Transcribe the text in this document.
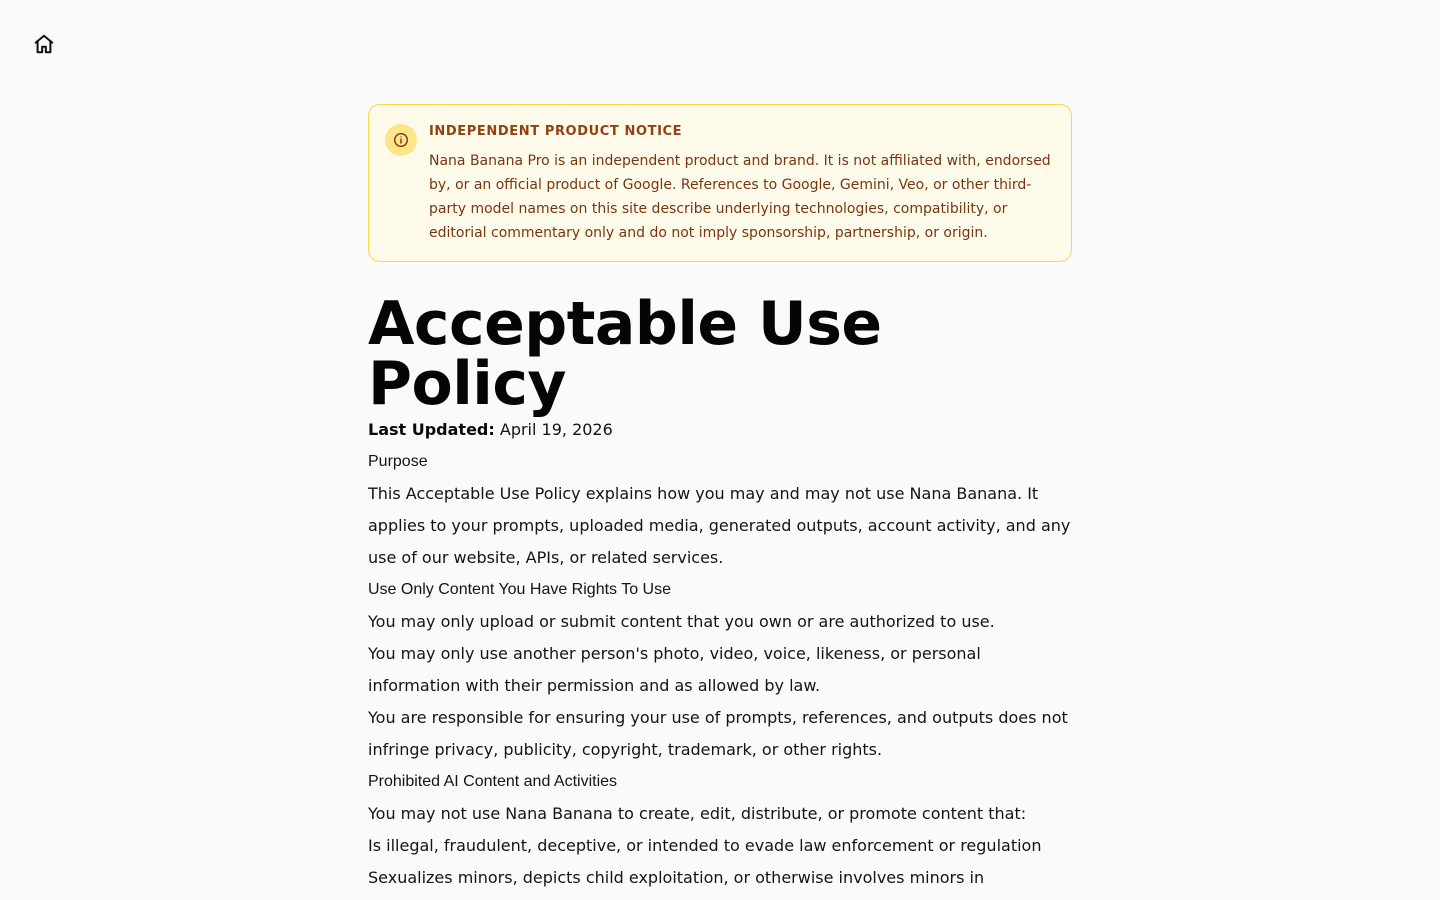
INDEPENDENT PRODUCT NOTICE

Nana Banana Pro is an independent product and brand. It is not affiliated with, endorsed by, or an official product of Google. References to Google, Gemini, Veo, or other third-party model names on this site describe underlying technologies, compatibility, or editorial commentary only and do not imply sponsorship, partnership, or origin.

Acceptable Use Policy

Last Updated: April 19, 2026

Purpose

This Acceptable Use Policy explains how you may and may not use Nana Banana. It applies to your prompts, uploaded media, generated outputs, account activity, and any use of our website, APIs, or related services.

Use Only Content You Have Rights To Use

You may only upload or submit content that you own or are authorized to use.

You may only use another person's photo, video, voice, likeness, or personal information with their permission and as allowed by law.

You are responsible for ensuring your use of prompts, references, and outputs does not infringe privacy, publicity, copyright, trademark, or other rights.

Prohibited AI Content and Activities

You may not use Nana Banana to create, edit, distribute, or promote content that:

Is illegal, fraudulent, deceptive, or intended to evade law enforcement or regulation

Sexualizes minors, depicts child exploitation, or otherwise involves minors in
